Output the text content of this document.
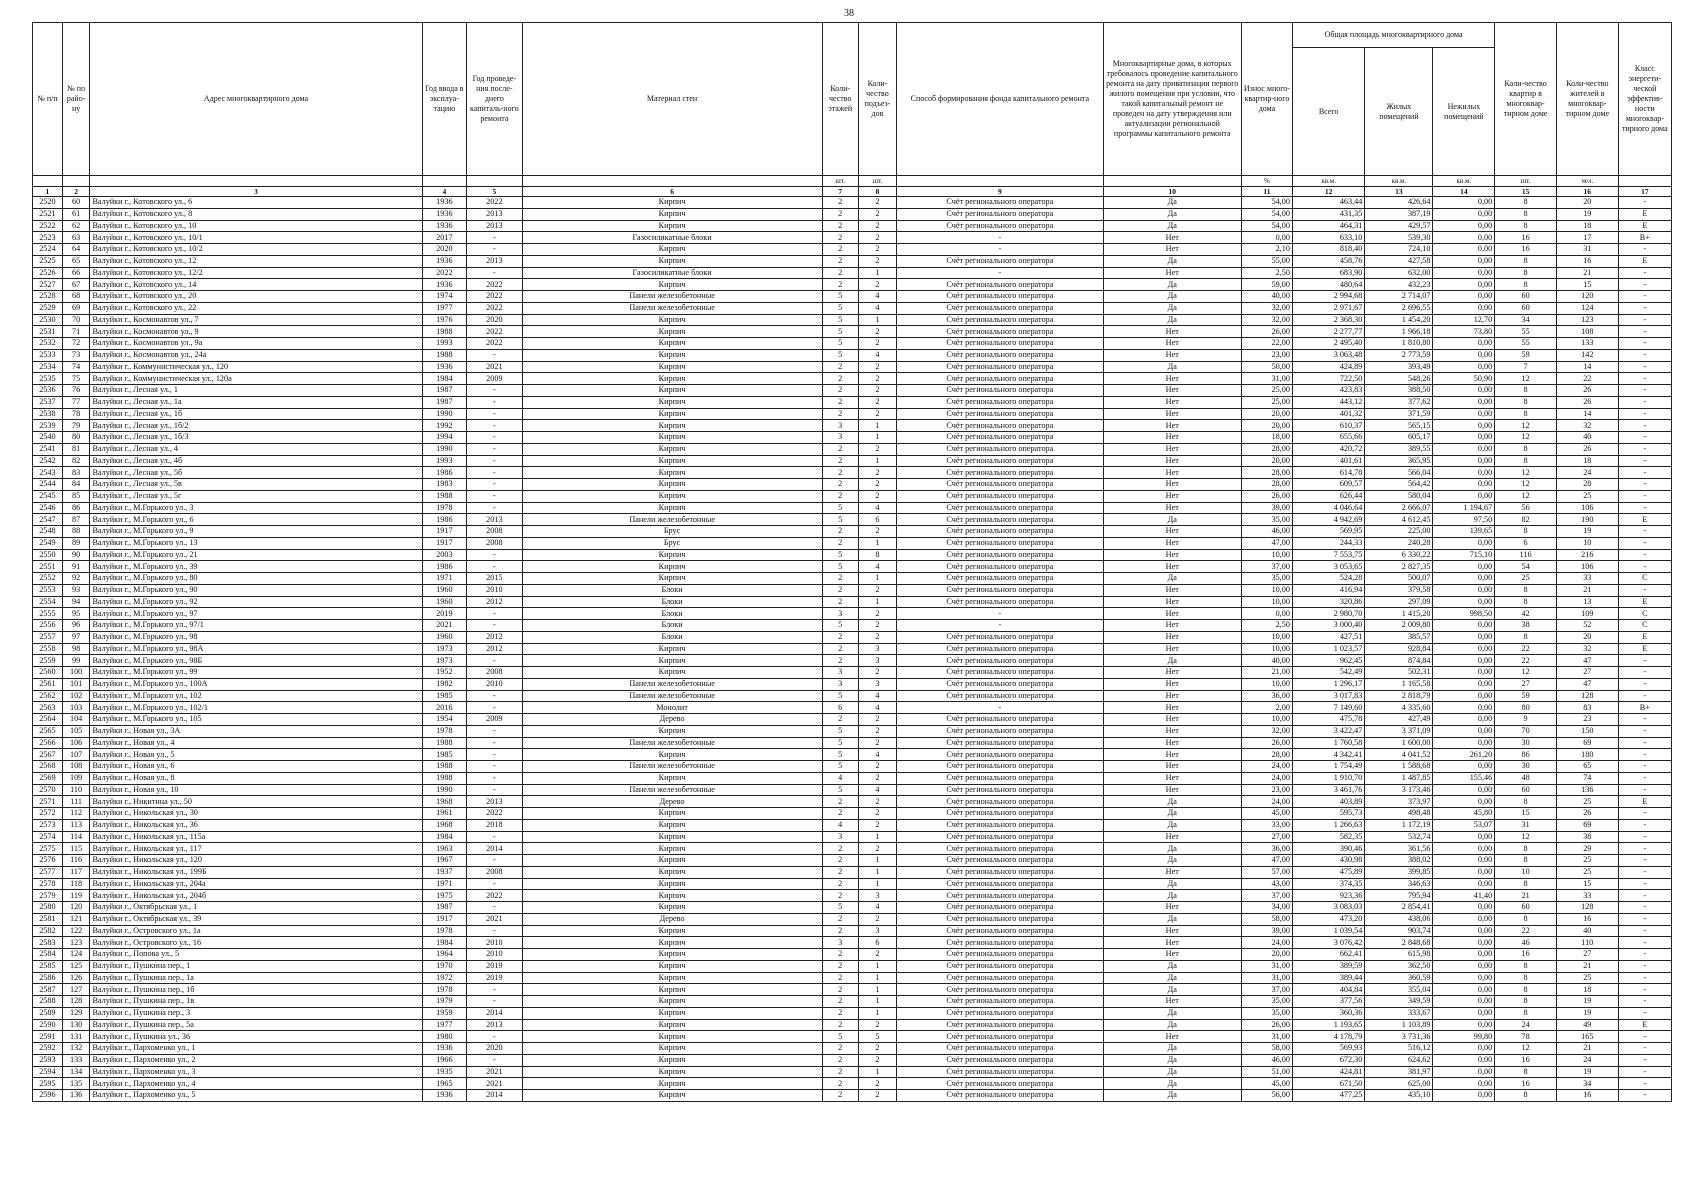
38
№ п/п	№ по райо-ну	Адрес многоквартирного дома	Год ввода в эксплуа-тацию	Год проведе-ния после-днего капиталь-ного ремонта	Материал стен	Коли-чество этажей	Коли-чество подъез-дов	Способ формирования фонда капитального ремонта	Многоквартирные дома, в которых требовалось проведение капитального ремонта на дату приватизации первого жилого помещения при условии, что такой капитальный ремонт не проведен на дату утверждения или актуализации региональной программы капитального ремонта	Износ много-квартир-ного дома	Общая площадь многоквартирного дома			Коли-чество квартир в многоквар-тирном доме	Коли-чество жителей в многоквар-тирном доме	Класс энергети-ческой эффектив-ности многоквар-тирного дома
											Всего	Жилых помещений	Нежилых помещений			
						шт.	шт.			%	кв.м.	кв.м.	кв.м.	шт.	чел.	
1	2	3	4	5	6	7	8	9	10	11	12	13	14	15	16	17
2520	60	Валуйки г., Котовского ул., 6	1936	2022	Кирпич	2	2	Счёт регионального оператора	Да	54,00	463,44	426,64	0,00	8	20	-
2521	61	Валуйки г., Котовского ул., 8	1936	2013	Кирпич	2	2	Счёт регионального оператора	Да	54,00	431,35	387,19	0,00	8	19	Е
2522	62	Валуйки г., Котовского ул., 10	1936	2013	Кирпич	2	2	Счёт регионального оператора	Да	54,00	464,31	429,57	0,00	8	18	Е
2523	63	Валуйки г., Котовского ул., 10/1	2017	-	Газосиликатные блоки	2	2	-	Нет	0,00	633,10	539,30	0,00	16	17	В+
2524	64	Валуйки г., Котовского ул., 10/2	2020	-	Кирпич	2	2	-	Нет	2,10	818,40	724,10	0,00	16	31	-
2525	65	Валуйки г., Котовского ул., 12	1936	2013	Кирпич	2	2	Счёт регионального оператора	Да	55,00	458,76	427,58	0,00	8	16	Е
2526	66	Валуйки г., Котовского ул., 12/2	2022	-	Газосиликатные блоки	2	1	-	Нет	2,50	683,90	632,00	0,00	8	21	-
2527	67	Валуйки г., Котовского ул., 14	1936	2022	Кирпич	2	2	Счёт регионального оператора	Да	59,00	480,64	432,23	0,00	8	15	-
2528	68	Валуйки г., Котовского ул., 20	1974	2022	Панели железобетонные	5	4	Счёт регионального оператора	Да	40,00	2 994,68	2 714,07	0,00	60	120	-
2529	69	Валуйки г., Котовского ул., 22	1977	2022	Панели железобетонные	5	4	Счёт регионального оператора	Да	32,00	2 971,67	2 696,55	0,00	60	124	-
2530	70	Валуйки г., Космонавтов ул., 7	1976	2020	Кирпич	5	1	Счёт регионального оператора	Да	32,00	2 368,30	1 454,20	12,70	34	123	-
2531	71	Валуйки г., Космонавтов ул., 9	1988	2022	Кирпич	5	2	Счёт регионального оператора	Нет	26,00	2 277,77	1 966,18	73,80	55	108	-
2532	72	Валуйки г., Космонавтов ул., 9а	1993	2022	Кирпич	5	2	Счёт регионального оператора	Нет	22,00	2 495,40	1 810,80	0,00	55	133	-
2533	73	Валуйки г., Космонавтов ул., 24а	1988	-	Кирпич	5	4	Счёт регионального оператора	Нет	23,00	3 063,48	2 773,59	0,00	59	142	-
2534	74	Валуйки г., Коммунистическая ул., 120	1936	2021	Кирпич	2	2	Счёт регионального оператора	Да	50,00	424,89	393,49	0,00	7	14	-
2535	75	Валуйки г., Коммунистическая ул., 120а	1984	2009	Кирпич	2	2	Счёт регионального оператора	Нет	31,00	722,50	548,26	50,90	12	22	-
2536	76	Валуйки г., Лесная ул., 1	1987	-	Кирпич	2	2	Счёт регионального оператора	Нет	25,00	423,83	388,50	0,00	8	26	-
2537	77	Валуйки г., Лесная ул., 1а	1987	-	Кирпич	2	2	Счёт регионального оператора	Нет	25,00	443,12	377,62	0,00	8	26	-
2538	78	Валуйки г., Лесная ул., 1б	1990	-	Кирпич	2	2	Счёт регионального оператора	Нет	20,00	401,32	371,59	0,00	8	14	-
2539	79	Валуйки г., Лесная ул., 1б/2	1992	-	Кирпич	3	1	Счёт регионального оператора	Нет	20,00	610,37	565,15	0,00	12	32	-
2540	80	Валуйки г., Лесная ул., 1б/3	1994	-	Кирпич	3	1	Счёт регионального оператора	Нет	18,00	655,66	605,17	0,00	12	40	-
2541	81	Валуйки г., Лесная ул., 4	1990	-	Кирпич	2	2	Счёт регионального оператора	Нет	28,00	420,72	389,55	0,00	8	26	-
2542	82	Валуйки г., Лесная ул., 4б	1993	-	Кирпич	2	1	Счёт регионального оператора	Нет	20,00	401,61	365,95	0,00	8	18	-
2543	83	Валуйки г., Лесная ул., 5б	1986	-	Кирпич	2	2	Счёт регионального оператора	Нет	28,00	614,78	566,04	0,00	12	24	-
2544	84	Валуйки г., Лесная ул., 5в	1983	-	Кирпич	2	2	Счёт регионального оператора	Нет	28,00	609,57	564,42	0,00	12	28	-
2545	85	Валуйки г., Лесная ул., 5г	1988	-	Кирпич	2	2	Счёт регионального оператора	Нет	26,00	626,44	580,04	0,00	12	25	-
2546	86	Валуйки г., М.Горького ул., 3	1978	-	Кирпич	5	4	Счёт регионального оператора	Нет	39,00	4 046,64	2 666,07	1 194,67	56	106	-
2547	87	Валуйки г., М.Горького ул., 6	1986	2013	Панели железобетонные	5	6	Счёт регионального оператора	Да	35,00	4 942,69	4 612,45	97,50	82	190	Е
2548	88	Валуйки г., М.Горького ул., 9	1917	2008	Брус	2	2	Счёт регионального оператора	Нет	46,00	569,95	225,00	139,65	8	19	-
2549	89	Валуйки г., М.Горького ул., 13	1917	2008	Брус	2	1	Счёт регионального оператора	Нет	47,00	244,33	240,28	0,00	6	10	-
2550	90	Валуйки г., М.Горького ул., 21	2003	-	Кирпич	5	8	Счёт регионального оператора	Нет	10,00	7 553,75	6 330,22	715,10	116	216	-
2551	91	Валуйки г., М.Горького ул., 39	1986	-	Кирпич	5	4	Счёт регионального оператора	Нет	37,00	3 053,65	2 827,35	0,00	54	106	-
2552	92	Валуйки г., М.Горького ул., 80	1971	2015	Кирпич	2	1	Счёт регионального оператора	Да	35,00	524,28	500,07	0,00	25	33	С
2553	93	Валуйки г., М.Горького ул., 90	1960	2010	Блоки	2	2	Счёт регионального оператора	Нет	10,00	416,94	379,58	0,00	8	21	-
2554	94	Валуйки г., М.Горького ул., 92	1960	2012	Блоки	2	1	Счёт регионального оператора	Нет	10,00	320,86	297,09	0,00	8	13	Е
2555	95	Валуйки г., М.Горького ул., 97	2019	-	Блоки	3	2	-	Нет	0,00	2 980,70	1 415,20	998,50	42	109	С
2556	96	Валуйки г., М.Горького ул., 97/1	2021	-	Блоки	5	2	-	Нет	2,50	3 000,40	2 009,80	0,00	38	52	С
2557	97	Валуйки г., М.Горького ул., 98	1960	2012	Блоки	2	2	Счёт регионального оператора	Нет	10,00	427,51	385,57	0,00	8	20	Е
2558	98	Валуйки г., М.Горького ул., 98А	1973	2012	Кирпич	2	3	Счёт регионального оператора	Нет	10,00	1 023,57	928,84	0,00	22	32	Е
2559	99	Валуйки г., М.Горького ул., 98Б	1973	-	Кирпич	2	3	Счёт регионального оператора	Да	40,00	962,45	874,84	0,00	22	47	-
2560	100	Валуйки г., М.Горького ул., 99	1952	2008	Кирпич	3	2	Счёт регионального оператора	Нет	21,00	542,49	502,31	0,00	12	27	-
2561	101	Валуйки г., М.Горького ул., 100А	1982	2010	Панели железобетонные	3	3	Счёт регионального оператора	Нет	10,00	1 296,17	1 165,58	0,00	27	47	-
2562	102	Валуйки г., М.Горького ул., 102	1985	-	Панели железобетонные	5	4	Счёт регионального оператора	Нет	36,00	3 017,83	2 818,79	0,00	59	128	-
2563	103	Валуйки г., М.Горького ул., 102/1	2016	-	Монолит	6	4	-	Нет	2,00	7 149,60	4 335,60	0,00	80	83	В+
2564	104	Валуйки г., М.Горького ул., 105	1954	2009	Дерево	2	2	Счёт регионального оператора	Нет	10,00	475,78	427,49	0,00	9	23	-
2565	105	Валуйки г., Новая ул., 3А	1978	-	Кирпич	5	2	Счёт регионального оператора	Нет	32,00	3 422,47	3 371,09	0,00	70	150	-
2566	106	Валуйки г., Новая ул., 4	1988	-	Панели железобетонные	5	2	Счёт регионального оператора	Нет	26,00	1 760,58	1 600,00	0,00	30	69	-
2567	107	Валуйки г., Новая ул., 5	1985	-	Кирпич	5	4	Счёт регионального оператора	Нет	28,00	4 342,41	4 041,52	261,20	86	180	-
2568	108	Валуйки г., Новая ул., 6	1988	-	Панели железобетонные	5	2	Счёт регионального оператора	Нет	24,00	1 754,49	1 588,68	0,00	30	65	-
2569	109	Валуйки г., Новая ул., 8	1988	-	Кирпич	4	2	Счёт регионального оператора	Нет	24,00	1 910,70	1 487,85	155,46	48	74	-
2570	110	Валуйки г., Новая ул., 10	1990	-	Панели железобетонные	5	4	Счёт регионального оператора	Нет	23,00	3 461,76	3 173,46	0,00	60	136	-
2571	111	Валуйки г., Никитина ул., 50	1968	2013	Дерево	2	2	Счёт регионального оператора	Да	24,00	403,89	373,97	0,00	8	25	Е
2572	112	Валуйки г., Никольская ул., 30	1961	2022	Кирпич	2	2	Счёт регионального оператора	Да	45,00	595,73	498,48	45,80	15	26	-
2573	113	Валуйки г., Никольская ул., 36	1968	2018	Кирпич	4	2	Счёт регионального оператора	Да	33,00	1 266,63	1 172,19	53,07	31	69	-
2574	114	Валуйки г., Никольская ул., 115а	1984	-	Кирпич	3	1	Счёт регионального оператора	Нет	27,00	582,35	532,74	0,00	12	38	-
2575	115	Валуйки г., Никольская ул., 117	1963	2014	Кирпич	2	2	Счёт регионального оператора	Да	36,00	390,46	361,56	0,00	8	29	-
2576	116	Валуйки г., Никольская ул., 120	1967	-	Кирпич	2	1	Счёт регионального оператора	Да	47,00	430,98	388,02	0,00	8	25	-
2577	117	Валуйки г., Никольская ул., 199Б	1937	2008	Кирпич	2	1	Счёт регионального оператора	Нет	57,00	475,89	399,85	0,00	10	25	-
2578	118	Валуйки г., Никольская ул., 204а	1971	-	Кирпич	2	1	Счёт регионального оператора	Да	43,00	374,35	346,63	0,00	8	15	-
2579	119	Валуйки г., Никольская ул., 204б	1975	2022	Кирпич	2	3	Счёт регионального оператора	Да	37,00	923,36	795,94	41,40	21	33	-
2580	120	Валуйки г., Октябрьская ул., 1	1987	-	Кирпич	5	4	Счёт регионального оператора	Нет	34,00	3 083,03	2 854,41	0,00	60	128	-
2581	121	Валуйки г., Октябрьская ул., 39	1917	2021	Дерево	2	2	Счёт регионального оператора	Да	58,00	473,20	438,06	0,00	8	16	-
2582	122	Валуйки г., Островского ул., 1а	1978	-	Кирпич	2	3	Счёт регионального оператора	Нет	39,00	1 039,54	903,74	0,00	22	40	-
2583	123	Валуйки г., Островского ул., 16	1984	2010	Кирпич	3	6	Счёт регионального оператора	Нет	24,00	3 076,42	2 848,68	0,00	46	110	-
2584	124	Валуйки г., Попова ул., 5	1964	2010	Кирпич	2	2	Счёт регионального оператора	Нет	20,00	662,41	615,98	0,00	16	27	-
2585	125	Валуйки г., Пушкина пер., 1	1970	2019	Кирпич	2	1	Счёт регионального оператора	Да	31,00	389,59	362,50	0,00	8	21	-
2586	126	Валуйки г., Пушкина пер., 1а	1972	2019	Кирпич	2	1	Счёт регионального оператора	Да	31,00	389,44	360,59	0,00	8	25	-
2587	127	Валуйки г., Пушкина пер., 1б	1978	-	Кирпич	2	1	Счёт регионального оператора	Да	37,00	404,84	355,04	0,00	8	18	-
2588	128	Валуйки г., Пушкина пер., 1в	1979	-	Кирпич	2	1	Счёт регионального оператора	Нет	35,00	377,56	349,59	0,00	8	19	-
2589	129	Валуйки г., Пушкина пер., 3	1959	2014	Кирпич	2	1	Счёт регионального оператора	Да	35,00	360,36	333,67	0,00	8	19	-
2590	130	Валуйки г., Пушкина пер., 5а	1977	2013	Кирпич	2	2	Счёт регионального оператора	Да	26,00	1 193,65	1 103,89	0,00	24	49	Е
2591	131	Валуйки г., Пушкина ул., 36	1980	-	Кирпич	5	5	Счёт регионального оператора	Нет	31,00	4 178,79	3 731,36	99,80	78	165	-
2592	132	Валуйки г., Пархоменко ул., 1	1936	2020	Кирпич	2	2	Счёт регионального оператора	Да	58,00	569,93	516,12	0,00	12	21	-
2593	133	Валуйки г., Пархоменко ул., 2	1966	-	Кирпич	2	2	Счёт регионального оператора	Да	46,00	672,30	624,62	0,00	16	24	-
2594	134	Валуйки г., Пархоменко ул., 3	1935	2021	Кирпич	2	1	Счёт регионального оператора	Да	51,00	424,81	381,97	0,00	8	19	-
2595	135	Валуйки г., Пархоменко ул., 4	1965	2021	Кирпич	2	2	Счёт регионального оператора	Да	45,00	671,50	625,00	0,00	16	34	-
2596	136	Валуйки г., Пархоменко ул., 5	1936	2014	Кирпич	2	2	Счёт регионального оператора	Да	56,00	477,25	435,10	0,00	8	16	-
